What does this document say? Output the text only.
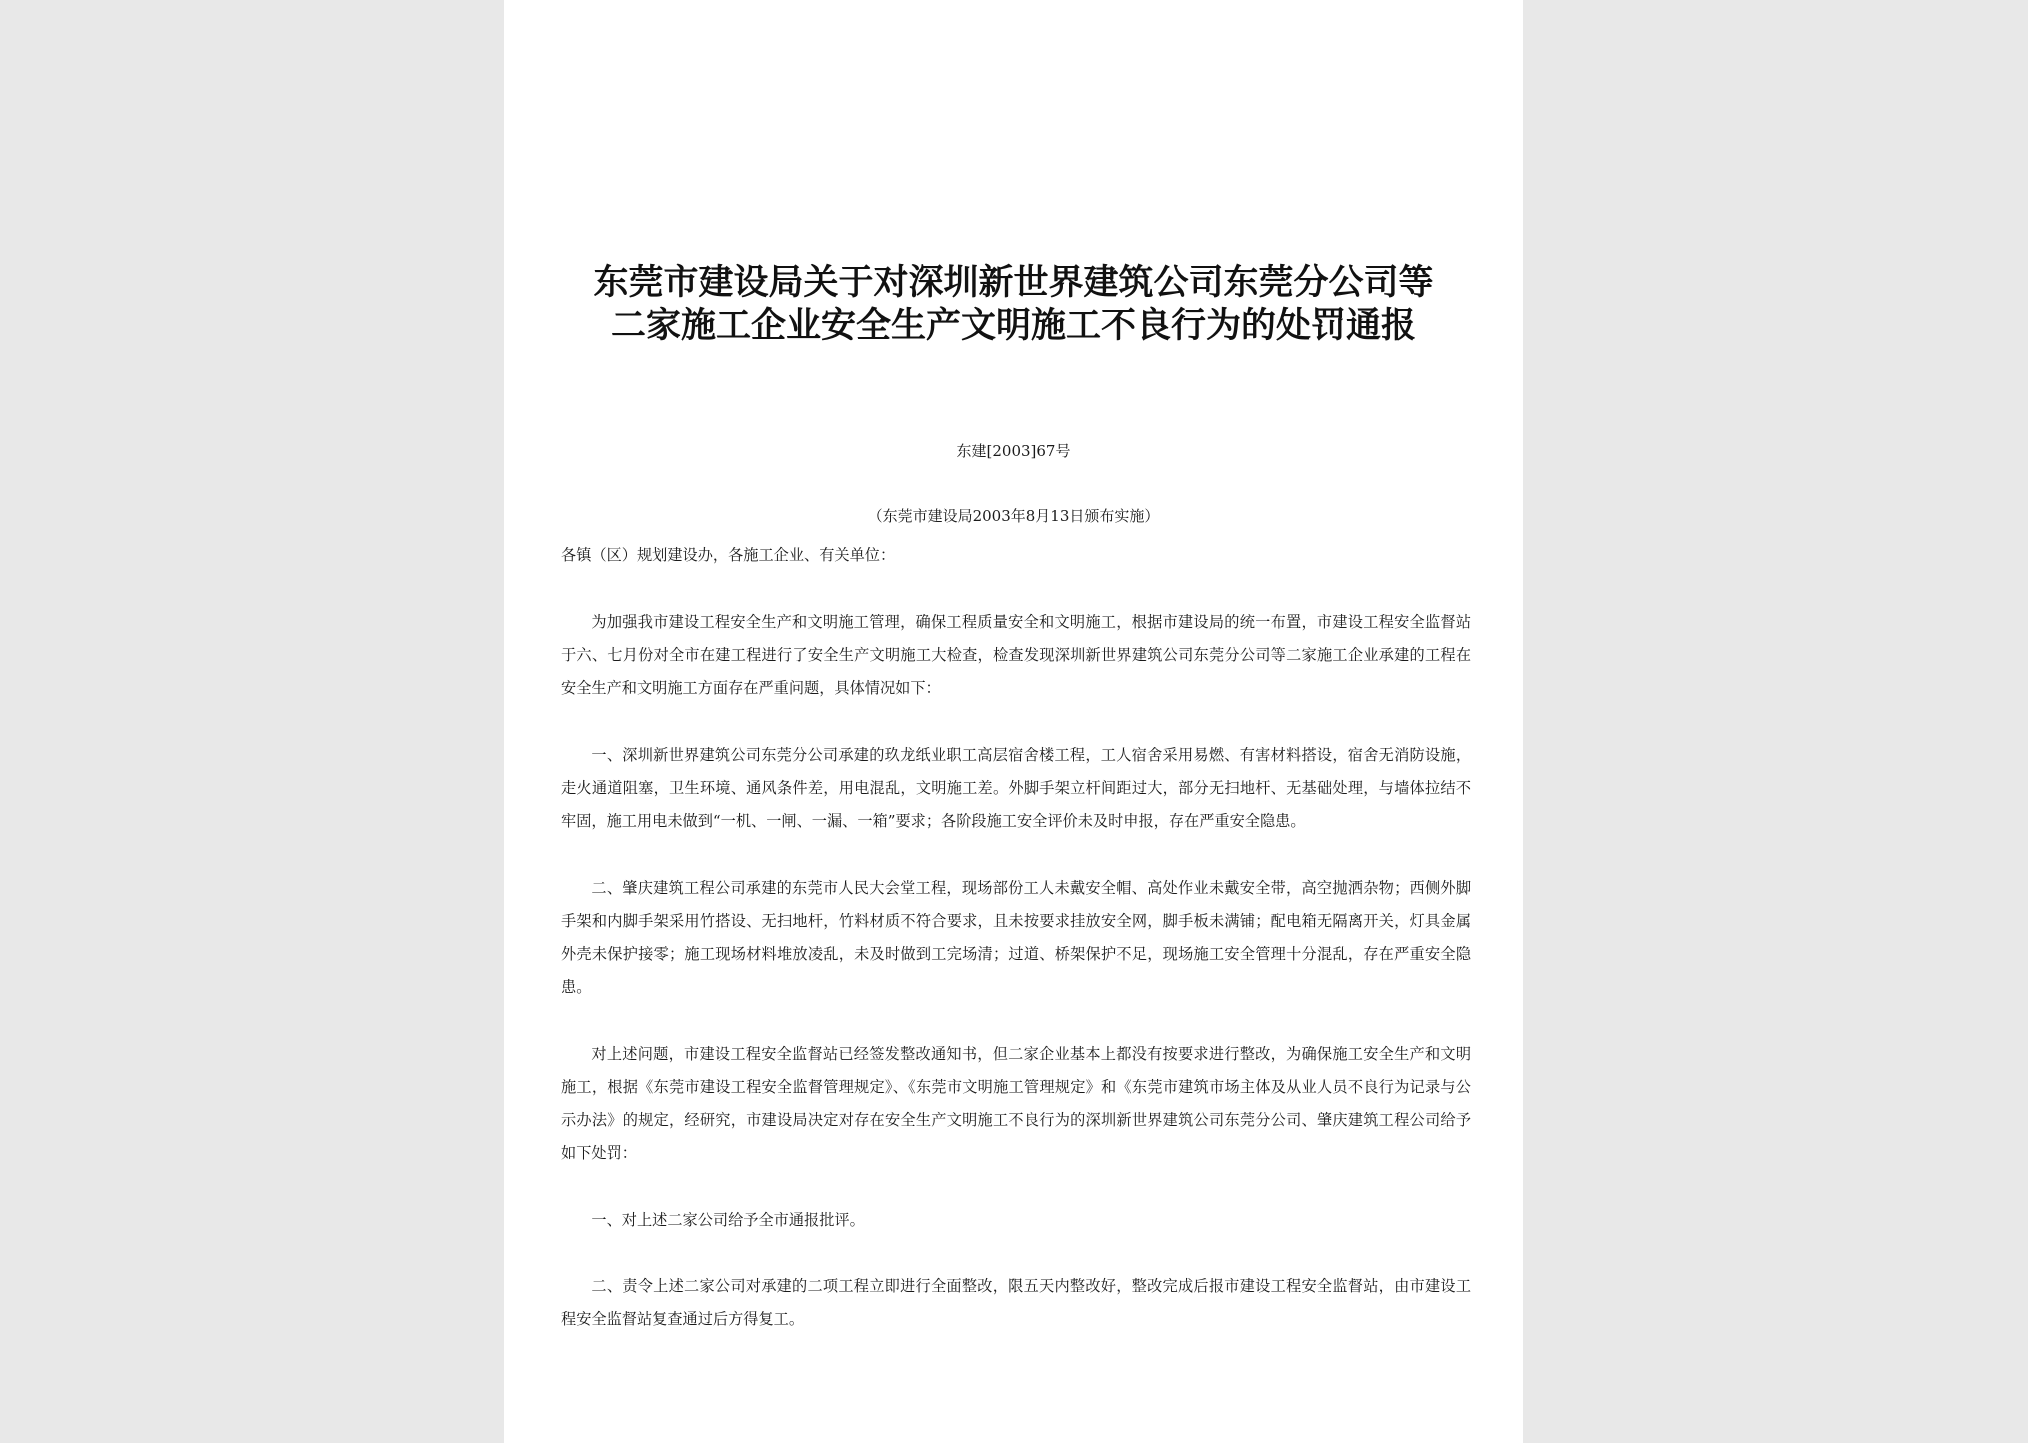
东莞市建设局关于对深圳新世界建筑公司东莞分公司等
二家施工企业安全生产文明施工不良行为的处罚通报
东建[2003]67号
（东莞市建设局2003年8月13日颁布实施）

各镇（区）规划建设办，各施工企业、有关单位：

为加强我市建设工程安全生产和文明施工管理，确保工程质量安全和文明施工，根据市建设局的统一布置，市建设工程安全监督站于六、七月份对全市在建工程进行了安全生产文明施工大检查，检查发现深圳新世界建筑公司东莞分公司等二家施工企业承建的工程在安全生产和文明施工方面存在严重问题，具体情况如下：

一、深圳新世界建筑公司东莞分公司承建的玖龙纸业职工高层宿舍楼工程，工人宿舍采用易燃、有害材料搭设，宿舍无消防设施，走火通道阻塞，卫生环境、通风条件差，用电混乱，文明施工差。外脚手架立杆间距过大，部分无扫地杆、无基础处理，与墙体拉结不牢固，施工用电未做到“一机、一闸、一漏、一箱”要求；各阶段施工安全评价未及时申报，存在严重安全隐患。

二、肇庆建筑工程公司承建的东莞市人民大会堂工程，现场部份工人未戴安全帽、高处作业未戴安全带，高空抛洒杂物；西侧外脚手架和内脚手架采用竹搭设、无扫地杆，竹料材质不符合要求，且未按要求挂放安全网，脚手板未满铺；配电箱无隔离开关，灯具金属外壳未保护接零；施工现场材料堆放凌乱，未及时做到工完场清；过道、桥架保护不足，现场施工安全管理十分混乱，存在严重安全隐患。

对上述问题，市建设工程安全监督站已经签发整改通知书，但二家企业基本上都没有按要求进行整改，为确保施工安全生产和文明施工，根据《东莞市建设工程安全监督管理规定》、《东莞市文明施工管理规定》和《东莞市建筑市场主体及从业人员不良行为记录与公示办法》的规定，经研究，市建设局决定对存在安全生产文明施工不良行为的深圳新世界建筑公司东莞分公司、肇庆建筑工程公司给予如下处罚：

一、对上述二家公司给予全市通报批评。

二、责令上述二家公司对承建的二项工程立即进行全面整改，限五天内整改好，整改完成后报市建设工程安全监督站，由市建设工程安全监督站复查通过后方得复工。
